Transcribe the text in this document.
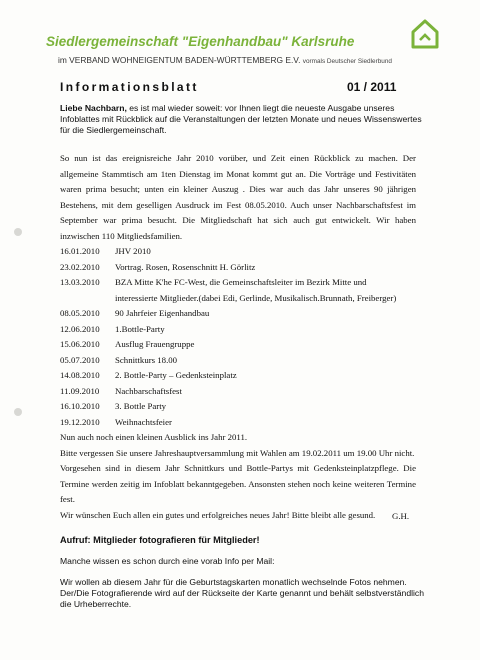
Siedlergemeinschaft "Eigenhandbau" Karlsruhe
im VERBAND WOHNEIGENTUM BADEN-WÜRTTEMBERG E.V. vormals Deutscher Siedlerbund
Informationsblatt	01 / 2011

Liebe Nachbarn, es ist mal wieder soweit: vor Ihnen liegt die neueste Ausgabe unseres Infoblattes mit Rückblick auf die Veranstaltungen der letzten Monate und neues Wissenswertes für die Siedlergemeinschaft.

So nun ist das ereignisreiche Jahr 2010 vorüber, und Zeit einen Rückblick zu machen. Der allgemeine Stammtisch am 1ten Dienstag im Monat kommt gut an. Die Vorträge und Festivitäten waren prima besucht; unten ein kleiner Auszug . Dies war auch das Jahr unseres 90 jährigen Bestehens, mit dem geselligen Ausdruck im Fest 08.05.2010. Auch unser Nachbarschaftsfest im September war prima besucht. Die Mitgliedschaft hat sich auch gut entwickelt. Wir haben inzwischen 110 Mitgliedsfamilien.

16.01.2010	JHV 2010
23.02.2010	Vortrag. Rosen, Rosenschnitt H. Görlitz
13.03.2010	BZA Mitte K'he FC-West, die Gemeinschaftsleiter im Bezirk Mitte und
interessierte Mitglieder.(dabei Edi, Gerlinde, Musikalisch.Brunnath, Freiberger)
08.05.2010	90 Jahrfeier Eigenhandbau
12.06.2010	1.Bottle-Party
15.06.2010	Ausflug Frauengruppe
05.07.2010	Schnittkurs 18.00
14.08.2010	2. Bottle-Party – Gedenksteinplatz
11.09.2010	Nachbarschaftsfest
16.10.2010	3. Bottle Party
19.12.2010	Weihnachtsfeier

Nun auch noch einen kleinen Ausblick ins Jahr 2011.

Bitte vergessen Sie unsere Jahreshauptversammlung mit Wahlen am 19.02.2011 um 19.00 Uhr nicht.

Vorgesehen sind in diesem Jahr Schnittkurs und Bottle-Partys mit Gedenksteinplatzpflege. Die Termine werden zeitig im Infoblatt bekanntgegeben. Ansonsten stehen noch keine weiteren Termine fest.

Wir wünschen Euch allen ein gutes und erfolgreiches neues Jahr! Bitte bleibt alle gesund.	G.H.
Aufruf: Mitglieder fotografieren für Mitglieder!
Manche wissen es schon durch eine vorab Info per Mail:

Wir wollen ab diesem Jahr für die Geburtstagskarten monatlich wechselnde Fotos nehmen. Der/Die Fotografierende wird auf der Rückseite der Karte genannt und behält selbstverständlich die Urheberrechte.
